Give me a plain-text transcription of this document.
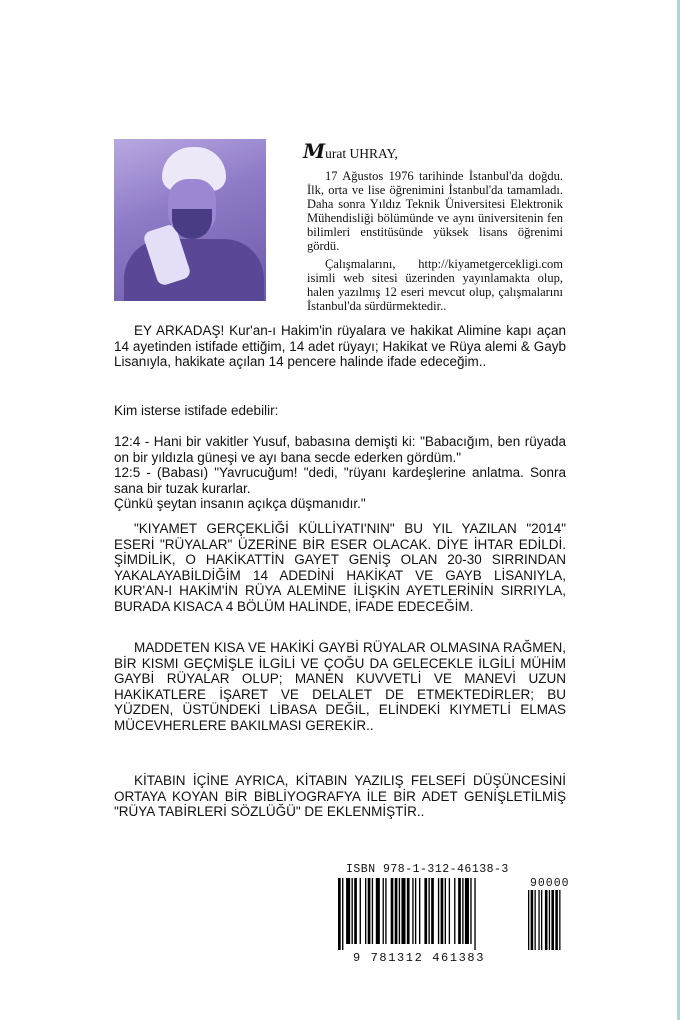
Murat UHRAY,

17 Ağustos 1976 tarihinde İstanbul'da doğdu. İlk, orta ve lise öğrenimini İstanbul'da tamamladı. Daha sonra Yıldız Teknik Üniversitesi Elektronik Mühendisliği bölümünde ve aynı üniversitenin fen bilimleri enstitüsünde yüksek lisans öğrenimi gördü.

Çalışmalarını, http://kiyametgercekligi.com isimli web sitesi üzerinden yayınlamakta olup, halen yazılmış 12 eseri mevcut olup, çalışmalarını İstanbul'da sürdürmektedir..

EY ARKADAŞ! Kur'an-ı Hakim'in rüyalara ve hakikat Alimine kapı açan 14 ayetinden istifade ettiğim, 14 adet rüyayı; Hakikat ve Rüya alemi & Gayb Lisanıyla, hakikate açılan 14 pencere halinde ifade edeceğim..

Kim isterse istifade edebilir:

12:4 - Hani bir vakitler Yusuf, babasına demişti ki: "Babacığım, ben rüyada on bir yıldızla güneşi ve ayı bana secde ederken gördüm."
12:5 - (Babası) "Yavrucuğum! "dedi, "rüyanı kardeşlerine anlatma. Sonra sana bir tuzak kurarlar.
Çünkü şeytan insanın açıkça düşmanıdır."

"KIYAMET GERÇEKLİĞİ KÜLLİYATI'NIN" BU YIL YAZILAN "2014" ESERİ "RÜYALAR" ÜZERİNE BİR ESER OLACAK. DİYE İHTAR EDİLDİ. ŞİMDİLİK, O HAKİKATTİN GAYET GENİŞ OLAN 20-30 SIRRINDAN YAKALAYABİLDİĞİM 14 ADEDİNİ HAKİKAT VE GAYB LİSANIYLA, KUR'AN-I HAKİM'İN RÜYA ALEMİNE İLİŞKİN AYETLERİNİN SIRRIYLA, BURADA KISACA 4 BÖLÜM HALİNDE, İFADE EDECEĞİM.

MADDETEN KISA VE HAKİKİ GAYBİ RÜYALAR OLMASINA RAĞMEN, BİR KISMI GEÇMİŞLE İLGİLİ VE ÇOĞU DA GELECEKLE İLGİLİ MÜHİM GAYBİ RÜYALAR OLUP; MANEN KUVVETLİ VE MANEVİ UZUN HAKİKATLERE İŞARET VE DELALET DE ETMEKTEDİRLER; BU YÜZDEN, ÜSTÜNDEKİ LİBASA DEĞİL, ELİNDEKİ KIYMETLİ ELMAS MÜCEVHERLERE BAKILMASI GEREKİR..

KİTABIN İÇİNE AYRICA, KİTABIN YAZILIŞ FELSEFİ DÜŞÜNCESİNİ ORTAYA KOYAN BİR BİBLİYOGRAFYA İLE BİR ADET GENİŞLETİLMİŞ "RÜYA TABİRLERİ SÖZLÜĞÜ" DE EKLENMİŞTİR..

ISBN 978-1-312-46138-3
90000
9 781312 461383
